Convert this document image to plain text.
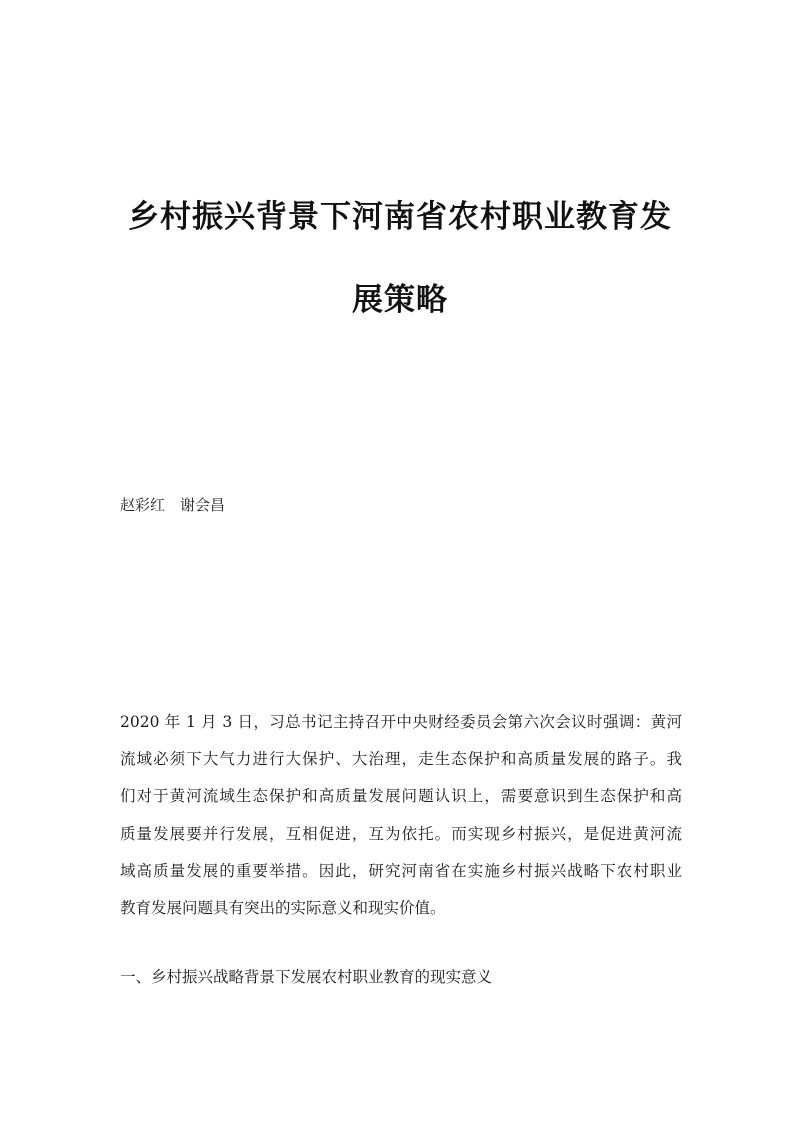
乡村振兴背景下河南省农村职业教育发
展策略
赵彩红　谢会昌

2020 年 1 月 3 日，习总书记主持召开中央财经委员会第六次会议时强调：黄河
流域必须下大气力进行大保护、大治理，走生态保护和高质量发展的路子。我
们对于黄河流域生态保护和高质量发展问题认识上，需要意识到生态保护和高
质量发展要并行发展，互相促进，互为依托。而实现乡村振兴，是促进黄河流
域高质量发展的重要举措。因此，研究河南省在实施乡村振兴战略下农村职业
教育发展问题具有突出的实际意义和现实价值。

一、乡村振兴战略背景下发展农村职业教育的现实意义
